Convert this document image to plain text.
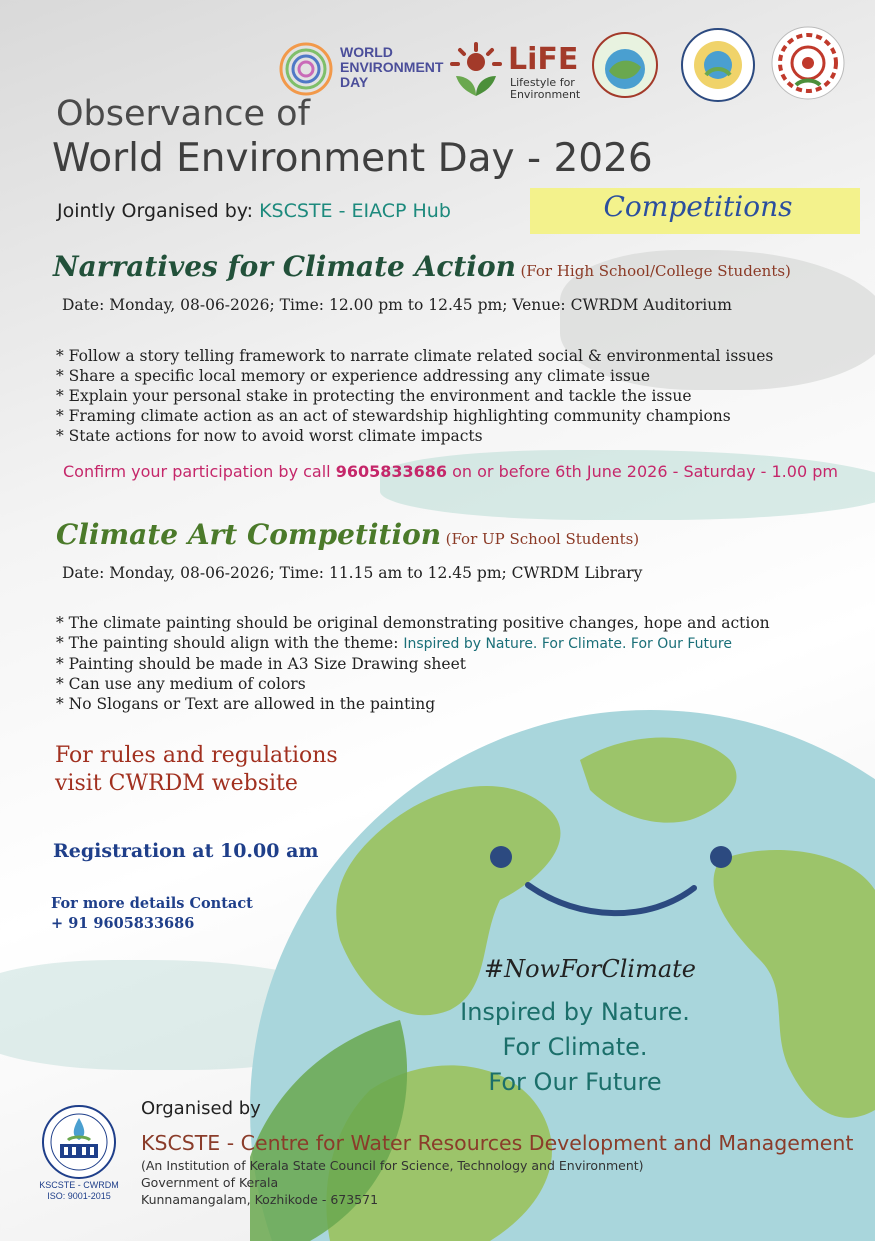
WORLD
ENVIRONMENT
DAY
LiFE
Lifestyle for
Environment
Observance of
World Environment Day - 2026
Jointly Organised by: KSCSTE - EIACP Hub	Competitions
Narratives for Climate Action (For High School/College Students)
Date: Monday, 08-06-2026; Time: 12.00 pm to 12.45 pm; Venue: CWRDM Auditorium
* Follow a story telling framework to narrate climate related social & environmental issues
* Share a specific local memory or experience addressing any climate issue
* Explain your personal stake in protecting the environment and tackle the issue
* Framing climate action as an act of stewardship highlighting community champions
* State actions for now to avoid worst climate impacts
Confirm your participation by call 9605833686 on or before 6th June 2026 - Saturday - 1.00 pm
Climate Art Competition (For UP School Students)
Date: Monday, 08-06-2026; Time: 11.15 am to 12.45 pm; CWRDM Library
* The climate painting should be original demonstrating positive changes, hope and action
* The painting should align with the theme: Inspired by Nature. For Climate. For Our Future
* Painting should be made in A3 Size Drawing sheet
* Can use any medium of colors
* No Slogans or Text are allowed in the painting
For rules and regulations
visit CWRDM website
Registration at 10.00 am
For more details Contact
+ 91 9605833686
#NowForClimate
Inspired by Nature.
For Climate.
For Our Future
KSCSTE - CWRDM
ISO: 9001-2015
Organised by
KSCSTE - Centre for Water Resources Development and Management
(An Institution of Kerala State Council for Science, Technology and Environment)
Government of Kerala
Kunnamangalam, Kozhikode - 673571
